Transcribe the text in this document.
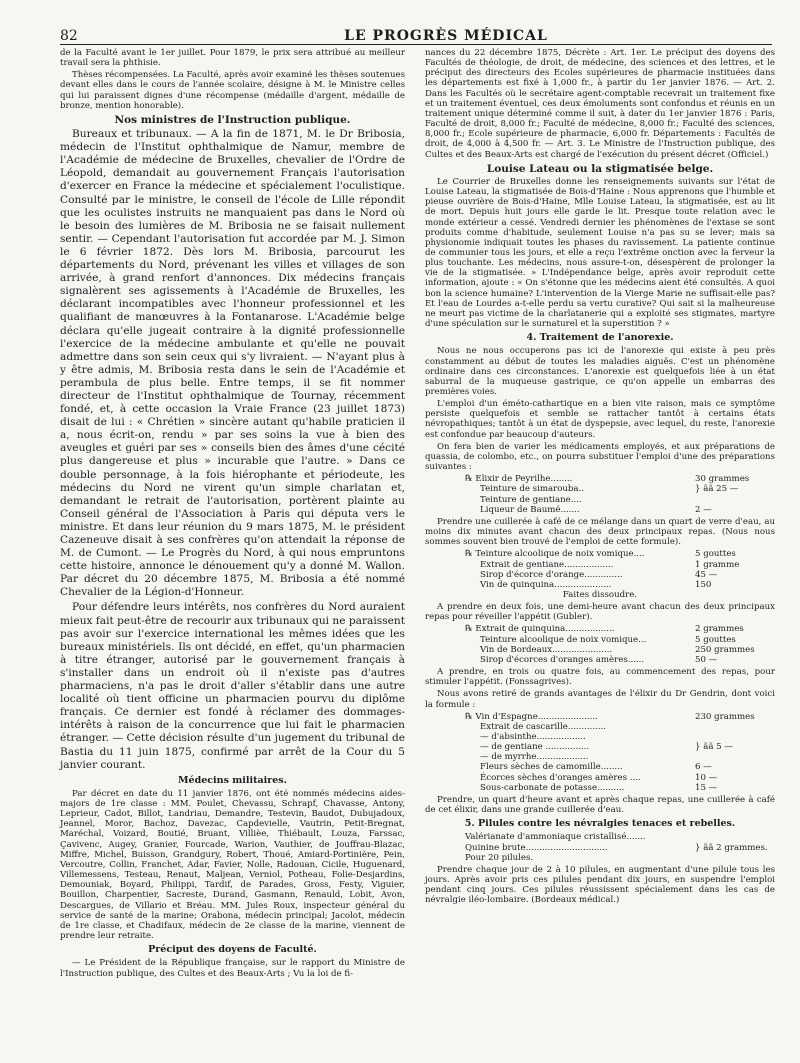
82	LE PROGRÈS MÉDICAL

de la Faculté avant le 1er juillet. Pour 1879, le prix sera attribué au meilleur travail sera la phthisie.

Thèses récompensées. La Faculté, après avoir examiné les thèses soutenues devant elles dans le cours de l'année scolaire, désigne à M. le Ministre celles qui lui paraissent dignes d'une récompense (médaille d'argent, médaille de bronze, mention honorable).

Nos ministres de l'Instruction publique.

Bureaux et tribunaux. — A la fin de 1871, M. le Dr Bribosia, médecin de l'Institut ophthalmique de Namur, membre de l'Académie de médecine de Bruxelles, chevalier de l'Ordre de Léopold, demandait au gouvernement Français l'autorisation d'exercer en France la médecine et spécialement l'oculistique. Consulté par le ministre, le conseil de l'école de Lille répondit que les oculistes instruits ne manquaient pas dans le Nord où le besoin des lumières de M. Bribosia ne se faisait nullement sentir. — Cependant l'autorisation fut accordée par M. J. Simon le 6 février 1872. Dès lors M. Bribosia, parcourut les départements du Nord, prévenant les villes et villages de son arrivée, à grand renfort d'annonces. Dix médecins français signalèrent ses agissements à l'Académie de Bruxelles, les déclarant incompatibles avec l'honneur professionnel et les qualifiant de manœuvres à la Fontanarose. L'Académie belge déclara qu'elle jugeait contraire à la dignité professionnelle l'exercice de la médecine ambulante et qu'elle ne pouvait admettre dans son sein ceux qui s'y livraient. — N'ayant plus à y être admis, M. Bribosia resta dans le sein de l'Académie et perambula de plus belle. Entre temps, il se fit nommer directeur de l'Institut ophthalmique de Tournay, récemment fondé, et, à cette occasion la Vraie France (23 juillet 1873) disait de lui : « Chrétien » sincère autant qu'habile praticien il a, nous écrit-on, rendu » par ses soins la vue à bien des aveugles et guéri par ses » conseils bien des âmes d'une cécité plus dangereuse et plus » incurable que l'autre. » Dans ce double personnage, à la fois hiérophante et périodeute, les médecins du Nord ne virent qu'un simple charlatan et, demandant le retrait de l'autorisation, portèrent plainte au Conseil général de l'Association à Paris qui députa vers le ministre. Et dans leur réunion du 9 mars 1875, M. le président Cazeneuve disait à ses confrères qu'on attendait la réponse de M. de Cumont. — Le Progrès du Nord, à qui nous empruntons cette histoire, annonce le dénouement qu'y a donné M. Wallon. Par décret du 20 décembre 1875, M. Bribosia a été nommé Chevalier de la Légion-d'Honneur.

Pour défendre leurs intérêts, nos confrères du Nord auraient mieux fait peut-être de recourir aux tribunaux qui ne paraissent pas avoir sur l'exercice international les mêmes idées que les bureaux ministériels. Ils ont décidé, en effet, qu'un pharmacien à titre étranger, autorisé par le gouvernement français à s'installer dans un endroit où il n'existe pas d'autres pharmaciens, n'a pas le droit d'aller s'établir dans une autre localité où tient officine un pharmacien pourvu du diplôme français. Ce dernier est fondé à réclamer des dommages-intérêts à raison de la concurrence que lui fait le pharmacien étranger. — Cette décision résulte d'un jugement du tribunal de Bastia du 11 juin 1875, confirmé par arrêt de la Cour du 5 janvier courant.

Médecins militaires.

Par décret en date du 11 janvier 1876, ont été nommés médecins aides-majors de 1re classe : MM. Poulet, Chevassu, Schrapf, Chavasse, Antony, Leprieur, Cadot, Billot, Landriau, Demandre, Testevin, Baudot, Dubujadoux, Jeannel, Moror, Bachoz, Davezac, Capdevielle, Vautrin, Petit-Bregnat, Maréchal, Voizard, Boutié, Bruant, Villièe, Thiébault, Louza, Farssac, Çavivenc, Augey, Granier, Fourcade, Warion, Vauthier, de Jouffrau-Blazac, Miffre, Michel, Buisson, Grandgury, Robert, Thoué, Amiard-Portinière, Pein, Vercoutre, Collin, Franchet, Adar, Favier, Nolle, Radouan, Cicile, Huguenard, Villemessens, Testeau, Renaut, Maljean, Verniol, Potheau, Folie-Desjardins, Demouniak, Boyard, Philippi, Tardif, de Parades, Gross, Festy, Viguier, Bouillon, Charpentier, Sacreste, Durand, Gasmann, Renauld, Lobit, Avon, Descargues, de Villario et Bréau. MM. Jules Roux, inspecteur général du service de santé de la marine; Orabona, médecin principal; Jacolot, médecin de 1re classe, et Chadifaux, médecin de 2e classe de la marine, viennent de prendre leur retraite.

Préciput des doyens de Faculté.

— Le Président de la République française, sur le rapport du Ministre de l'Instruction publique, des Cultes et des Beaux-Arts ; Vu la loi de fi-

nances du 22 décembre 1875, Décrète : Art. 1er. Le préciput des doyens des Facultés de théologie, de droit, de médecine, des sciences et des lettres, et le préciput des directeurs des Ecoles supérieures de pharmacie instituées dans les départements est fixé à 1,000 fr., à partir du 1er janvier 1876. — Art. 2. Dans les Facultés où le secrétaire agent-comptable recevrait un traitement fixe et un traitement éventuel, ces deux émoluments sont confondus et réunis en un traitement unique déterminé comme il suit, à dater du 1er janvier 1876 : Paris, Faculté de droit, 8,000 fr.; Faculté de médecine, 8,000 fr.; Faculté des sciences, 8,000 fr.; Ecole supérieure de pharmacie, 6,000 fr. Départements : Facultés de droit, de 4,000 à 4,500 fr. — Art. 3. Le Ministre de l'Instruction publique, des Cultes et des Beaux-Arts est chargé de l'exécution du présent décret (Officiel.)

Louise Lateau ou la stigmatisée belge.

Le Courrier de Bruxelles donne les renseignements suivants sur l'état de Louise Lateau, la stigmatisée de Bois-d'Haine : Nous apprenons que l'humble et pieuse ouvrière de Bois-d'Haine, Mlle Louise Lateau, la stigmatisée, est au lit de mort. Depuis huit jours elle garde le lit. Presque toute relation avec le monde extérieur a cessé. Vendredi dernier les phénomènes de l'extase se sont produits comme d'habitude, seulement Louise n'a pas su se lever; mais sa physionomie indiquait toutes les phases du ravissement. La patiente continue de communier tous les jours, et elle a reçu l'extrême onction avec la ferveur la plus touchante. Les médecins, nous assure-t-on, désespèrent de prolonger la vie de la stigmatisée. » L'Indépendance belge, après avoir reproduit cette information, ajoute : « On s'étonne que les médecins aient été consultés. A quoi bon la science humaine? L'intervention de la Vierge Marie ne suffisait-elle pas? Et l'eau de Lourdes a-t-elle perdu sa vertu curative? Qui sait si la malheureuse ne meurt pas victime de la charlatanerie qui a exploité ses stigmates, martyre d'une spéculation sur le surnaturel et la superstition ? »

4. Traitement de l'anorexie.

Nous ne nous occuperons pas ici de l'anorexie qui existe à peu près constamment au début de toutes les maladies aiguës. C'est un phénomène ordinaire dans ces circonstances. L'anorexie est quelquefois liée à un état saburral de la muqueuse gastrique, ce qu'on appelle un embarras des premières voies.

L'emploi d'un éméto-cathartique en a bien vite raison, mais ce symptôme persiste quelquefois et semble se rattacher tantôt à certains états névropathiques; tantôt à un état de dyspepsie, avec lequel, du reste, l'anorexie est confondue par beaucoup d'auteurs.

On fera bien de varier les médicaments employés, et aux préparations de quassia, de colombo, etc., on pourra substituer l'emploi d'une des préparations suivantes :

℞ Elixir de Peyrilhe........	30 grammes
Teinture de simarouba..	} ãã 25 —
Teinture de gentiane....
Liqueur de Baumé.......	2 —

Prendre une cuillerée à café de ce mélange dans un quart de verre d'eau, au moins dix minutes avant chacun des deux principaux repas. (Nous nous sommes souvent bien trouvé de l'emploi de cette formule).

℞ Teinture alcoolique de noix vomique....	5 gouttes
Extrait de gentiane..................	1 gramme
Sirop d'écorce d'orange..............	45 —
Vin de quinquina.....................	150
Faites dissoudre.

A prendre en deux fois, une demi-heure avant chacun des deux principaux repas pour réveiller l'appétit (Gubler).

℞ Extrait de quinquina..................	2 grammes
Teinture alcoolique de noix vomique...	5 gouttes
Vin de Bordeaux......................	250 grammes
Sirop d'écorces d'oranges amères......	50 —

A prendre, en trois ou quatre fois, au commencement des repas, pour stimuler l'appétit. (Fonssagrives).

Nous avons retiré de grands avantages de l'élixir du Dr Gendrin, dont voici la formule :

℞ Vin d'Espagne......................	230 grammes
Extrait de cascarille..............
— d'absinthe..................
— de gentiane ................	} ãã 5 —
— de myrrhe...................
Fleurs sèches de camomille........	6 —
Écorces sèches d'oranges amères ....	10 —
Sous-carbonate de potasse..........	15 —

Prendre, un quart d'heure avant et après chaque repas, une cuillerée à café de cet élixir, dans une grande cuillerée d'eau.

5. Pilules contre les névralgies tenaces et rebelles.
Valérianate d'ammoniaque cristallisé.......
Quinine brute..............................	} ãã 2 grammes.
Pour 20 pilules.

Prendre chaque jour de 2 à 10 pilules, en augmentant d'une pilule tous les jours. Après avoir pris ces pilules pendant dix jours, en suspendre l'emploi pendant cinq jours. Ces pilules réussissent spécialement dans les cas de névralgie iléo-lombaire. (Bordeaux médical.)
